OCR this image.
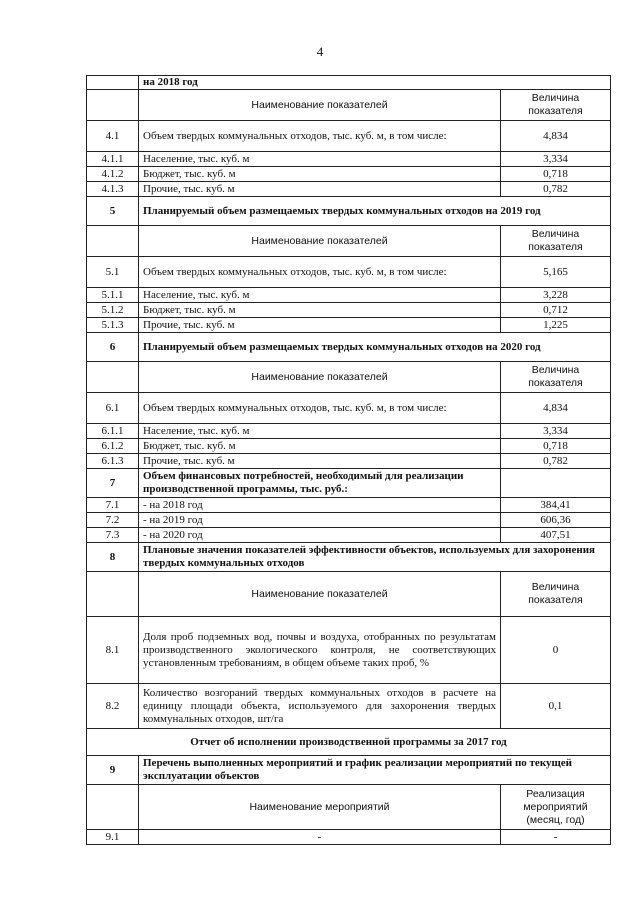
4
	на 2018 год	
	Наименование показателей	Величина показателя
4.1	Объем твердых коммунальных отходов, тыс. куб. м, в том числе:	4,834
4.1.1	Население, тыс. куб. м	3,334
4.1.2	Бюджет, тыс. куб. м	0,718
4.1.3	Прочие, тыс. куб. м	0,782
5	Планируемый объем размещаемых твердых коммунальных отходов на 2019 год	
	Наименование показателей	Величина показателя
5.1	Объем твердых коммунальных отходов, тыс. куб. м, в том числе:	5,165
5.1.1	Население, тыс. куб. м	3,228
5.1.2	Бюджет, тыс. куб. м	0,712
5.1.3	Прочие, тыс. куб. м	1,225
6	Планируемый объем размещаемых твердых коммунальных отходов на 2020 год	
	Наименование показателей	Величина показателя
6.1	Объем твердых коммунальных отходов, тыс. куб. м, в том числе:	4,834
6.1.1	Население, тыс. куб. м	3,334
6.1.2	Бюджет, тыс. куб. м	0,718
6.1.3	Прочие, тыс. куб. м	0,782
7	Объем финансовых потребностей, необходимый для реализации производственной программы, тыс. руб.:	
7.1	- на 2018 год	384,41
7.2	- на 2019 год	606,36
7.3	- на 2020 год	407,51
8	Плановые значения показателей эффективности объектов, используемых для захоронения твердых коммунальных отходов	
	Наименование показателей	Величина показателя
8.1	Доля проб подземных вод, почвы и воздуха, отобранных по результатам производственного экологического контроля, не соответствующих установленным требованиям, в общем объеме таких проб, %	0
8.2	Количество возгораний твердых коммунальных отходов в расчете на единицу площади объекта, используемого для захоронения твердых коммунальных отходов, шт/га	0,1
Отчет об исполнении производственной программы за 2017 год		
9	Перечень выполненных мероприятий и график реализации мероприятий по текущей эксплуатации объектов	
	Наименование мероприятий	Реализация мероприятий (месяц, год)
9.1	-	-
